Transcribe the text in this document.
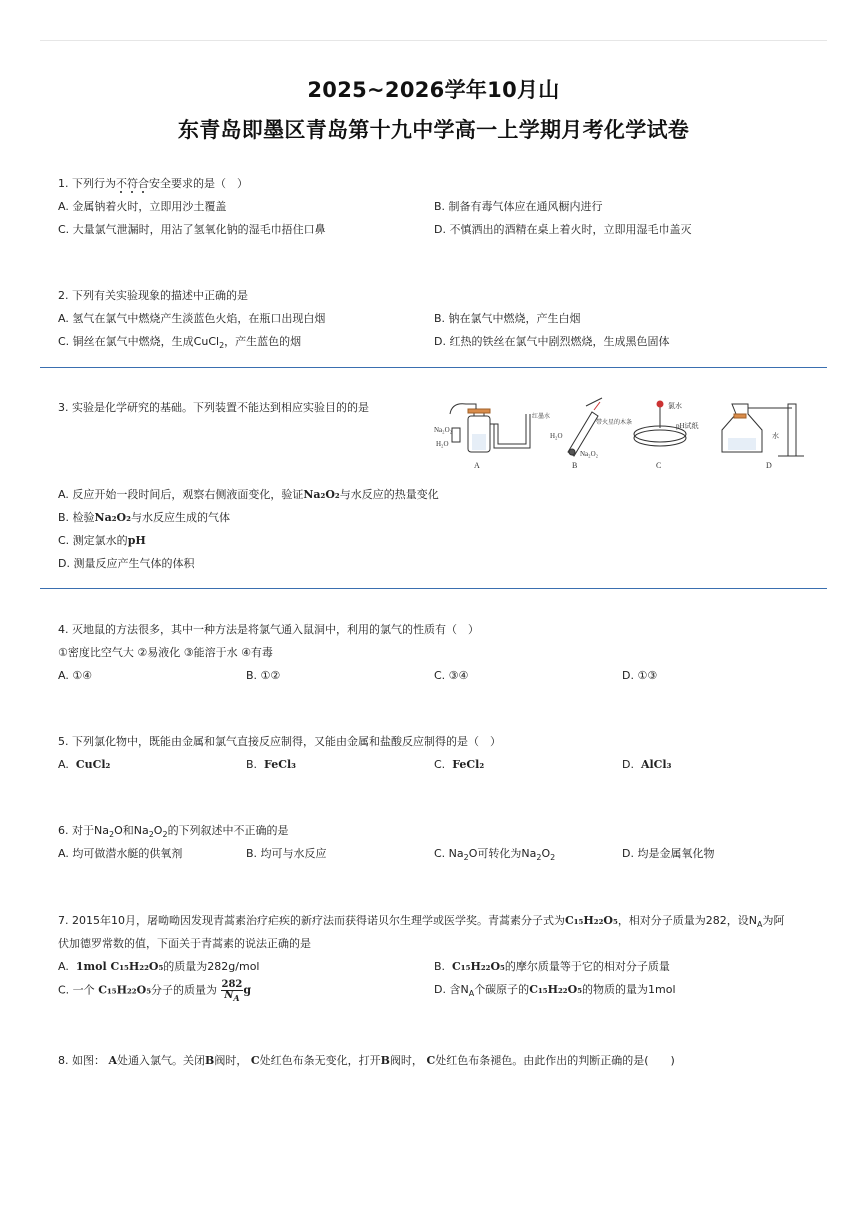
2025~2026学年10月山
东青岛即墨区青岛第十九中学高一上学期月考化学试卷
1. 下列行为不符合
安全要求的是（　）
A. 金属钠着火时，立即用沙土覆盖	B. 制备有毒气体应在通风橱内进行
C. 大量氯气泄漏时，用沾了氢氧化钠的湿毛巾捂住口鼻	D. 不慎洒出的酒精在桌上着火时，立即用湿毛巾盖灭
2. 下列有关实验现象的描述中正确的是
A. 氢气在氯气中燃烧产生淡蓝色火焰，在瓶口出现白烟	B. 钠在氯气中燃烧，产生白烟
C. 铜丝在氯气中燃烧，生成CuCl$_2$，产生蓝色的烟	D. 红热的铁丝在氯气中剧烈燃烧，生成黑色固体
3. 实验是化学研究的基础。下列装置不能达到相应实验目的的是
Na₂O₂
H₂O
红墨水
A
H₂O
Na₂O₂
带火星的木条
B
氯水
pH试纸
C
水
D
A. 反应开始一段时间后，观察右侧液面变化，验证Na₂O₂与水反应的热量变化
B. 检验Na₂O₂与水反应生成的气体
C. 测定氯水的pH
D. 测量反应产生气体的体积
4. 灭地鼠的方法很多，其中一种方法是将氯气通入鼠洞中，利用的氯气的性质有（　）
①密度比空气大 ②易液化 ③能溶于水 ④有毒
A. ①④	B. ①②	C. ③④	D. ①③
5. 下列氯化物中，既能由金属和氯气直接反应制得，又能由金属和盐酸反应制得的是（　）
A. CuCl₂	B. FeCl₃	C. FeCl₂	D. AlCl₃
6. 对于$Na_2O$和$Na_2O_2$的下列叙述中不正确的是
A. 均可做潜水艇的供氧剂	B. 均可与水反应	C. $Na_2O$可转化为$Na_2O_2$	D. 均是金属氧化物
7. 2015年10月，屠呦呦因发现青蒿素治疗疟疾的新疗法而获得诺贝尔生理学或医学奖。青蒿素分子式为C₁₅H₂₂O₅，相对分子质量为282，设$N_A$为阿
伏加德罗常数的值，下面关于青蒿素的说法正确的是
A. 1mol C₁₅H₂₂O₅的质量为282g/mol	B. C₁₅H₂₂O₅的摩尔质量等于它的相对分子质量
C. 一个 C₁₅H₂₂O₅分子的质量为 $\frac{282}{N_A}$ g	D. 含$N_A$个碳原子的C₁₅H₂₂O₅的物质的量为1mol
8. 如图： A处通入氯气。关闭B阀时， C处红色布条无变化，打开B阀时， C处红色布条褪色。由此作出的判断正确的是(　　)
